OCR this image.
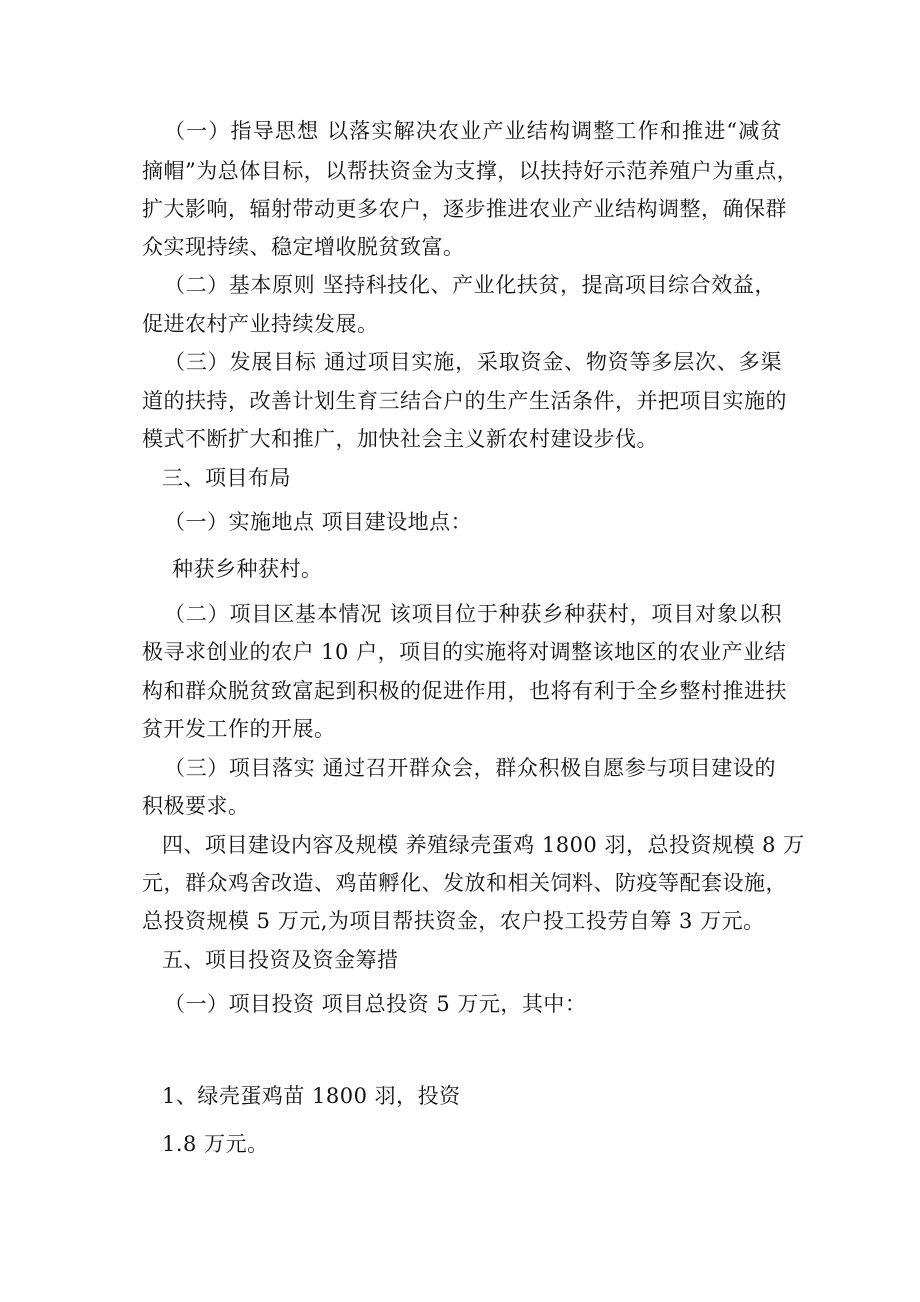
（一）指导思想 以落实解决农业产业结构调整工作和推进“减贫
摘帽”为总体目标，以帮扶资金为支撑，以扶持好示范养殖户为重点，
扩大影响，辐射带动更多农户，逐步推进农业产业结构调整，确保群
众实现持续、稳定增收脱贫致富。
（二）基本原则 坚持科技化、产业化扶贫，提高项目综合效益，
促进农村产业持续发展。
（三）发展目标 通过项目实施，采取资金、物资等多层次、多渠
道的扶持，改善计划生育三结合户的生产生活条件，并把项目实施的
模式不断扩大和推广，加快社会主义新农村建设步伐。
三、项目布局
（一）实施地点 项目建设地点：
种获乡种获村。
（二）项目区基本情况 该项目位于种获乡种获村，项目对象以积
极寻求创业的农户 10 户，项目的实施将对调整该地区的农业产业结
构和群众脱贫致富起到积极的促进作用，也将有利于全乡整村推进扶
贫开发工作的开展。
（三）项目落实 通过召开群众会，群众积极自愿参与项目建设的
积极要求。
四、项目建设内容及规模 养殖绿壳蛋鸡 1800 羽，总投资规模 8 万
元，群众鸡舍改造、鸡苗孵化、发放和相关饲料、防疫等配套设施，
总投资规模 5 万元,为项目帮扶资金，农户投工投劳自筹 3 万元。
五、项目投资及资金筹措
（一）项目投资 项目总投资 5 万元，其中：
1、绿壳蛋鸡苗 1800 羽，投资
1.8 万元。
